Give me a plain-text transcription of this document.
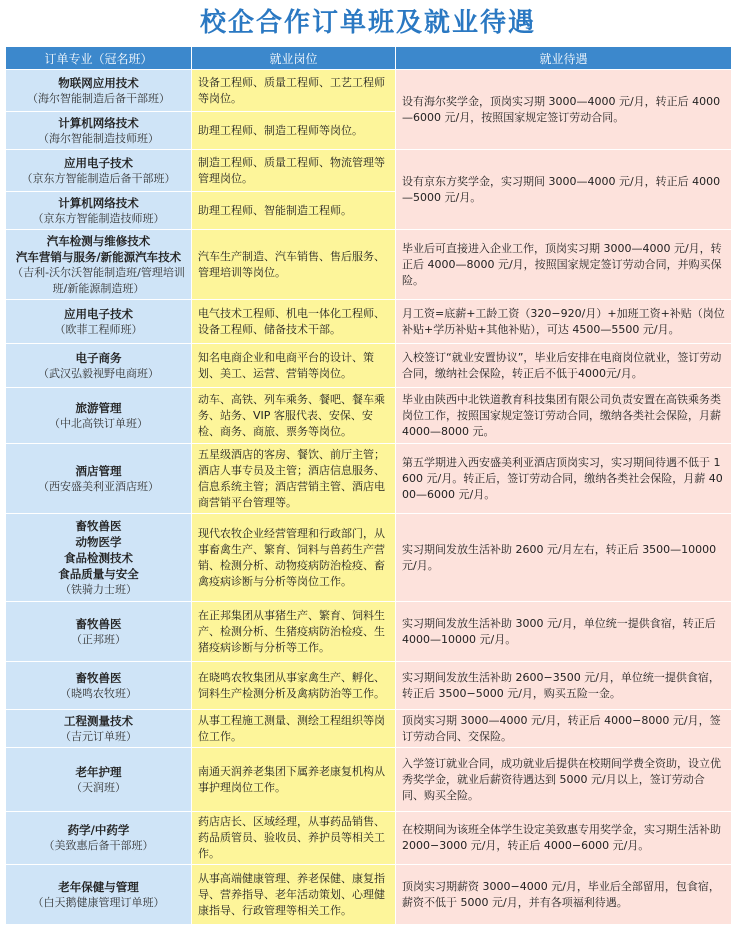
校企合作订单班及就业待遇
订单专业（冠名班）	就业岗位	就业待遇

物联网应用技术
（海尔智能制造后备干部班）	设备工程师、质量工程师、工艺工程师等岗位。	设有海尔奖学金，顶岗实习期 3000—4000 元/月，转正后 4000—6000 元/月，按照国家规定签订劳动合同。

计算机网络技术
（海尔智能制造技师班）	助理工程师、制造工程师等岗位。	

应用电子技术
（京东方智能制造后备干部班）	制造工程师、质量工程师、物流管理等管理岗位。	设有京东方奖学金，实习期间 3000—4000 元/月，转正后 4000—5000 元/月。

计算机网络技术
（京东方智能制造技师班）	助理工程师、智能制造工程师。	

汽车检测与维修技术
汽车营销与服务/新能源汽车技术
（吉利-沃尔沃智能制造班/管理培训班/新能源制造班）	汽车生产制造、汽车销售、售后服务、管理培训等岗位。	毕业后可直接进入企业工作，顶岗实习期 3000—4000 元/月，转正后 4000—8000 元/月，按照国家规定签订劳动合同，并购买保险。

应用电子技术
（欧菲工程师班）	电气技术工程师、机电一体化工程师、设备工程师、储备技术干部。	月工资=底薪+工龄工资（320−920/月）+加班工资+补贴（岗位补贴+学历补贴+其他补贴），可达 4500—5500 元/月。

电子商务
（武汉弘毅视野电商班）	知名电商企业和电商平台的设计、策划、美工、运营、营销等岗位。	入校签订“就业安置协议”，毕业后安排在电商岗位就业，签订劳动合同，缴纳社会保险，转正后不低于4000元/月。

旅游管理
（中北高铁订单班）	动车、高铁、列车乘务、餐吧、餐车乘务、站务、VIP 客服代表、安保、安检、商务、商旅、票务等岗位。	毕业由陕西中北铁道教育科技集团有限公司负责安置在高铁乘务类岗位工作，按照国家规定签订劳动合同，缴纳各类社会保险，月薪 4000—8000 元。

酒店管理
（西安盛美利亚酒店班）	五星级酒店的客房、餐饮、前厅主管；酒店人事专员及主管；酒店信息服务、信息系统主管；酒店营销主管、酒店电商营销平台管理等。	第五学期进入西安盛美利亚酒店顶岗实习，实习期间待遇不低于 1600 元/月。转正后，签订劳动合同，缴纳各类社会保险，月薪 4000—6000 元/月。

畜牧兽医
动物医学
食品检测技术
食品质量与安全
（铁骑力士班）	现代农牧企业经营管理和行政部门，从事畜禽生产、繁育、饲料与兽药生产营销、检测分析、动物疫病防治检疫、畜禽疫病诊断与分析等岗位工作。	实习期间发放生活补助 2600 元/月左右，转正后 3500—10000 元/月。

畜牧兽医
（正邦班）	在正邦集团从事猪生产、繁育、饲料生产、检测分析、生猪疫病防治检疫、生猪疫病诊断与分析等工作。	实习期间发放生活补助 3000 元/月，单位统一提供食宿，转正后 4000—10000 元/月。

畜牧兽医
（晓鸣农牧班）	在晓鸣农牧集团从事家禽生产、孵化、饲料生产检测分析及禽病防治等工作。	实习期间发放生活补助 2600−3500 元/月，单位统一提供食宿，转正后 3500−5000 元/月，购买五险一金。

工程测量技术
（吉元订单班）	从事工程施工测量、测绘工程组织等岗位工作。	顶岗实习期 3000—4000 元/月，转正后 4000−8000 元/月，签订劳动合同、交保险。

老年护理
（天润班）	南通天润养老集团下属养老康复机构从事护理岗位工作。	入学签订就业合同，成功就业后提供在校期间学费全资助，设立优秀奖学金，就业后薪资待遇达到 5000 元/月以上，签订劳动合同、购买全险。

药学/中药学
（美致惠后备干部班）	药店店长、区域经理，从事药品销售、药品质管员、验收员、养护员等相关工作。	在校期间为该班全体学生设定美致惠专用奖学金，实习期生活补助 2000−3000 元/月，转正后 4000−6000 元/月。

老年保健与管理
（白天鹅健康管理订单班）	从事高端健康管理、养老保健、康复指导、营养指导、老年活动策划、心理健康指导、行政管理等相关工作。	顶岗实习期薪资 3000−4000 元/月，毕业后全部留用，包食宿，薪资不低于 5000 元/月，并有各项福利待遇。
